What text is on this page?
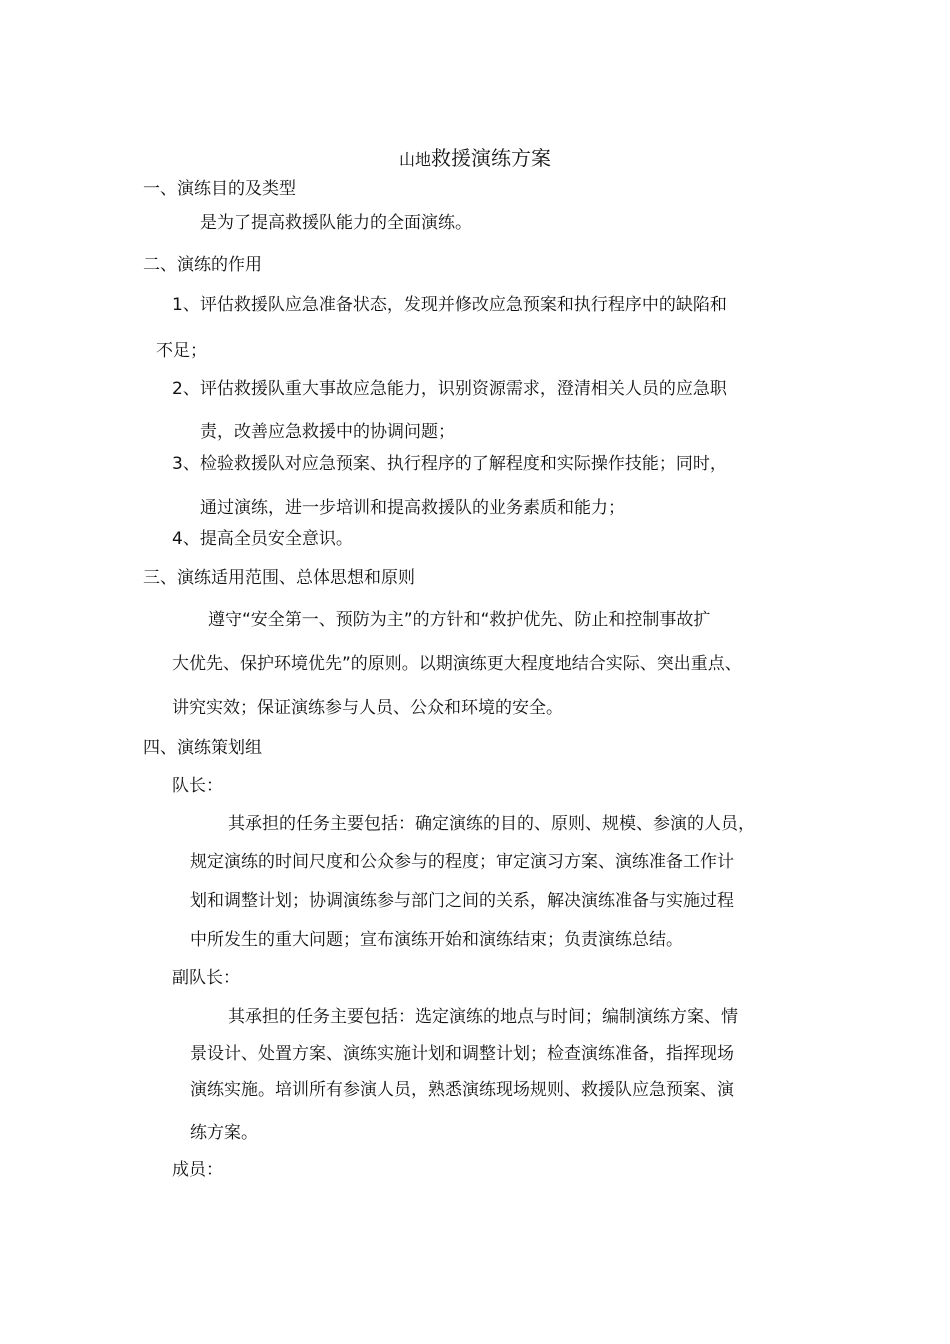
山地救援演练方案
一、演练目的及类型
是为了提高救援队能力的全面演练。
二、演练的作用
1、评估救援队应急准备状态，发现并修改应急预案和执行程序中的缺陷和
不足；
2、评估救援队重大事故应急能力，识别资源需求，澄清相关人员的应急职
责，改善应急救援中的协调问题；
3、检验救援队对应急预案、执行程序的了解程度和实际操作技能；同时，
通过演练，进一步培训和提高救援队的业务素质和能力；
4、提高全员安全意识。
三、演练适用范围、总体思想和原则
遵守“安全第一、预防为主”的方针和“救护优先、防止和控制事故扩
大优先、保护环境优先”的原则。以期演练更大程度地结合实际、突出重点、
讲究实效；保证演练参与人员、公众和环境的安全。
四、演练策划组
队长：
其承担的任务主要包括：确定演练的目的、原则、规模、参演的人员，
规定演练的时间尺度和公众参与的程度；审定演习方案、演练准备工作计
划和调整计划；协调演练参与部门之间的关系，解决演练准备与实施过程
中所发生的重大问题；宣布演练开始和演练结束；负责演练总结。
副队长：
其承担的任务主要包括：选定演练的地点与时间；编制演练方案、情
景设计、处置方案、演练实施计划和调整计划；检查演练准备，指挥现场
演练实施。培训所有参演人员，熟悉演练现场规则、救援队应急预案、演
练方案。
成员：
